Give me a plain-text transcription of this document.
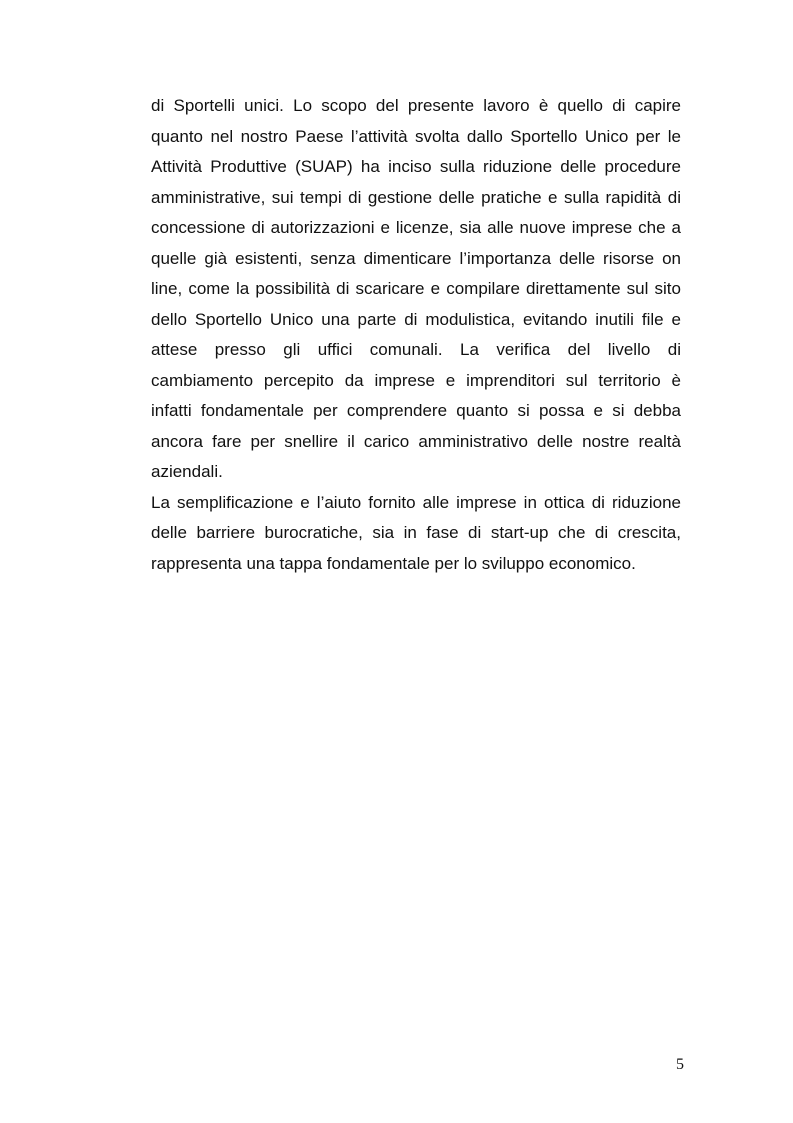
di Sportelli unici. Lo scopo del presente lavoro è quello di capire
quanto nel nostro Paese l’attività svolta dallo Sportello Unico per le
Attività Produttive (SUAP) ha inciso sulla riduzione delle procedure
amministrative, sui tempi di gestione delle pratiche e sulla rapidità di
concessione di autorizzazioni e licenze, sia alle nuove imprese che a
quelle già esistenti, senza dimenticare l’importanza delle risorse on
line, come la possibilità di scaricare e compilare direttamente sul sito
dello Sportello Unico una parte di modulistica, evitando inutili file e
attese presso gli uffici comunali. La verifica del livello di
cambiamento percepito da imprese e imprenditori sul territorio è
infatti fondamentale per comprendere quanto si possa e si debba
ancora fare per snellire il carico amministrativo delle nostre realtà
aziendali.
La semplificazione e l’aiuto fornito alle imprese in ottica di riduzione
delle barriere burocratiche, sia in fase di start-up che di crescita,
rappresenta una tappa fondamentale per lo sviluppo economico.
5
